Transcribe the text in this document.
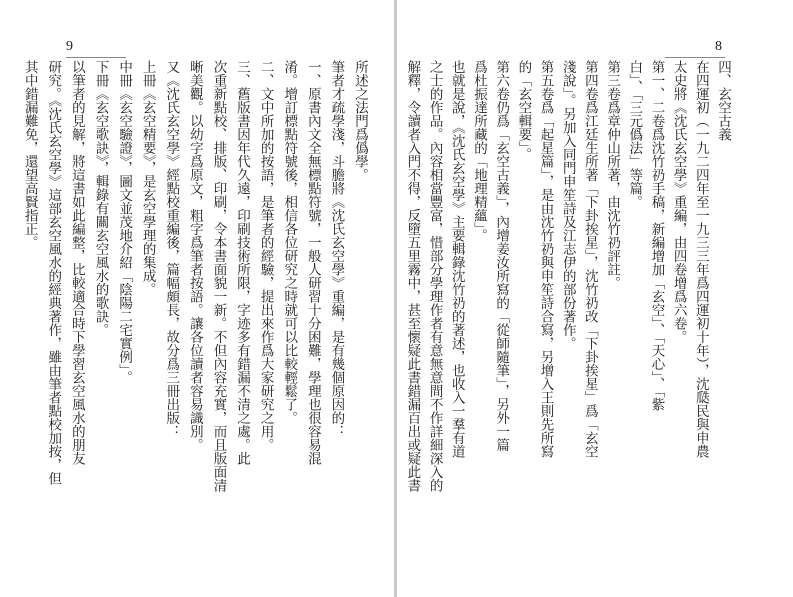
9
所述之法門爲僞學。
筆者才疏學淺，斗膽將《沈氏玄空學》重編，是有幾個原因的：
一、原書內文全無標點符號，一般人研習十分困難，學理也很容易混
淆。增訂標點符號後，相信各位研究之時就可以比較輕鬆了。
二、文中所加的按語，是筆者的經驗，提出來作爲大家研究之用。
三、舊版書因年代久遠，印刷技術所限，字迹多有錯漏不清之處。此
次重新點校、排版、印刷，令本書面貌一新。不但內容充實，而且版面清
晰美觀。以幼字爲原文，粗字爲筆者按語。讓各位讀者容易識別。
又《沈氏玄空學》經點校重編後，篇幅頗長，故分爲三冊出版：
上冊《玄空精要》，是玄空學理的集成。
中冊《玄空驗證》，圖文並茂地介紹「陰陽二宅實例」。
下冊《玄空歌訣》，輯錄有關玄空風水的歌訣。
以筆者的見解，將這書如此編整，比較適合時下學習玄空風水的朋友
研究。《沈氏玄空學》這部玄空風水的經典著作，雖由筆者點校加按，但
其中錯漏難免，還望高賢指正。
8
四、玄空古義
在四運初（一九二四年至一九三三年爲四運初十年），沈瓞民與申農
太史將《沈氏玄空學》重編，由四卷增爲六卷。
第一、二卷爲沈竹礽手稿，新編增加「玄空」、「天心」、「紫
白」、「三元僞法」等篇。
第三卷爲章仲山所著，由沈竹礽評註。
第四卷爲江廷生所著「下卦挨星」，沈竹礽改「下卦挨星」爲「玄空
淺說」。另加入同門申笙詩及江志伊的部份著作。
第五卷爲「起星篇」，是由沈竹礽與申笙詩合寫，另增入王則先所寫
的「玄空輯要」。
第六卷仍爲「玄空古義」，內增姜汝所寫的「從師隨筆」，另外一篇
爲杜振達所藏的「地理精蘊」。
也就是說，《沈氏玄空學》主要輯錄沈竹礽的著述，也收入一羣有道
之士的作品。內容相當豐富，惜部分學理作者有意無意間不作詳細深入的
解釋，令讀者入門不得，反墮五里霧中，甚至懷疑此書錯漏百出或疑此書
